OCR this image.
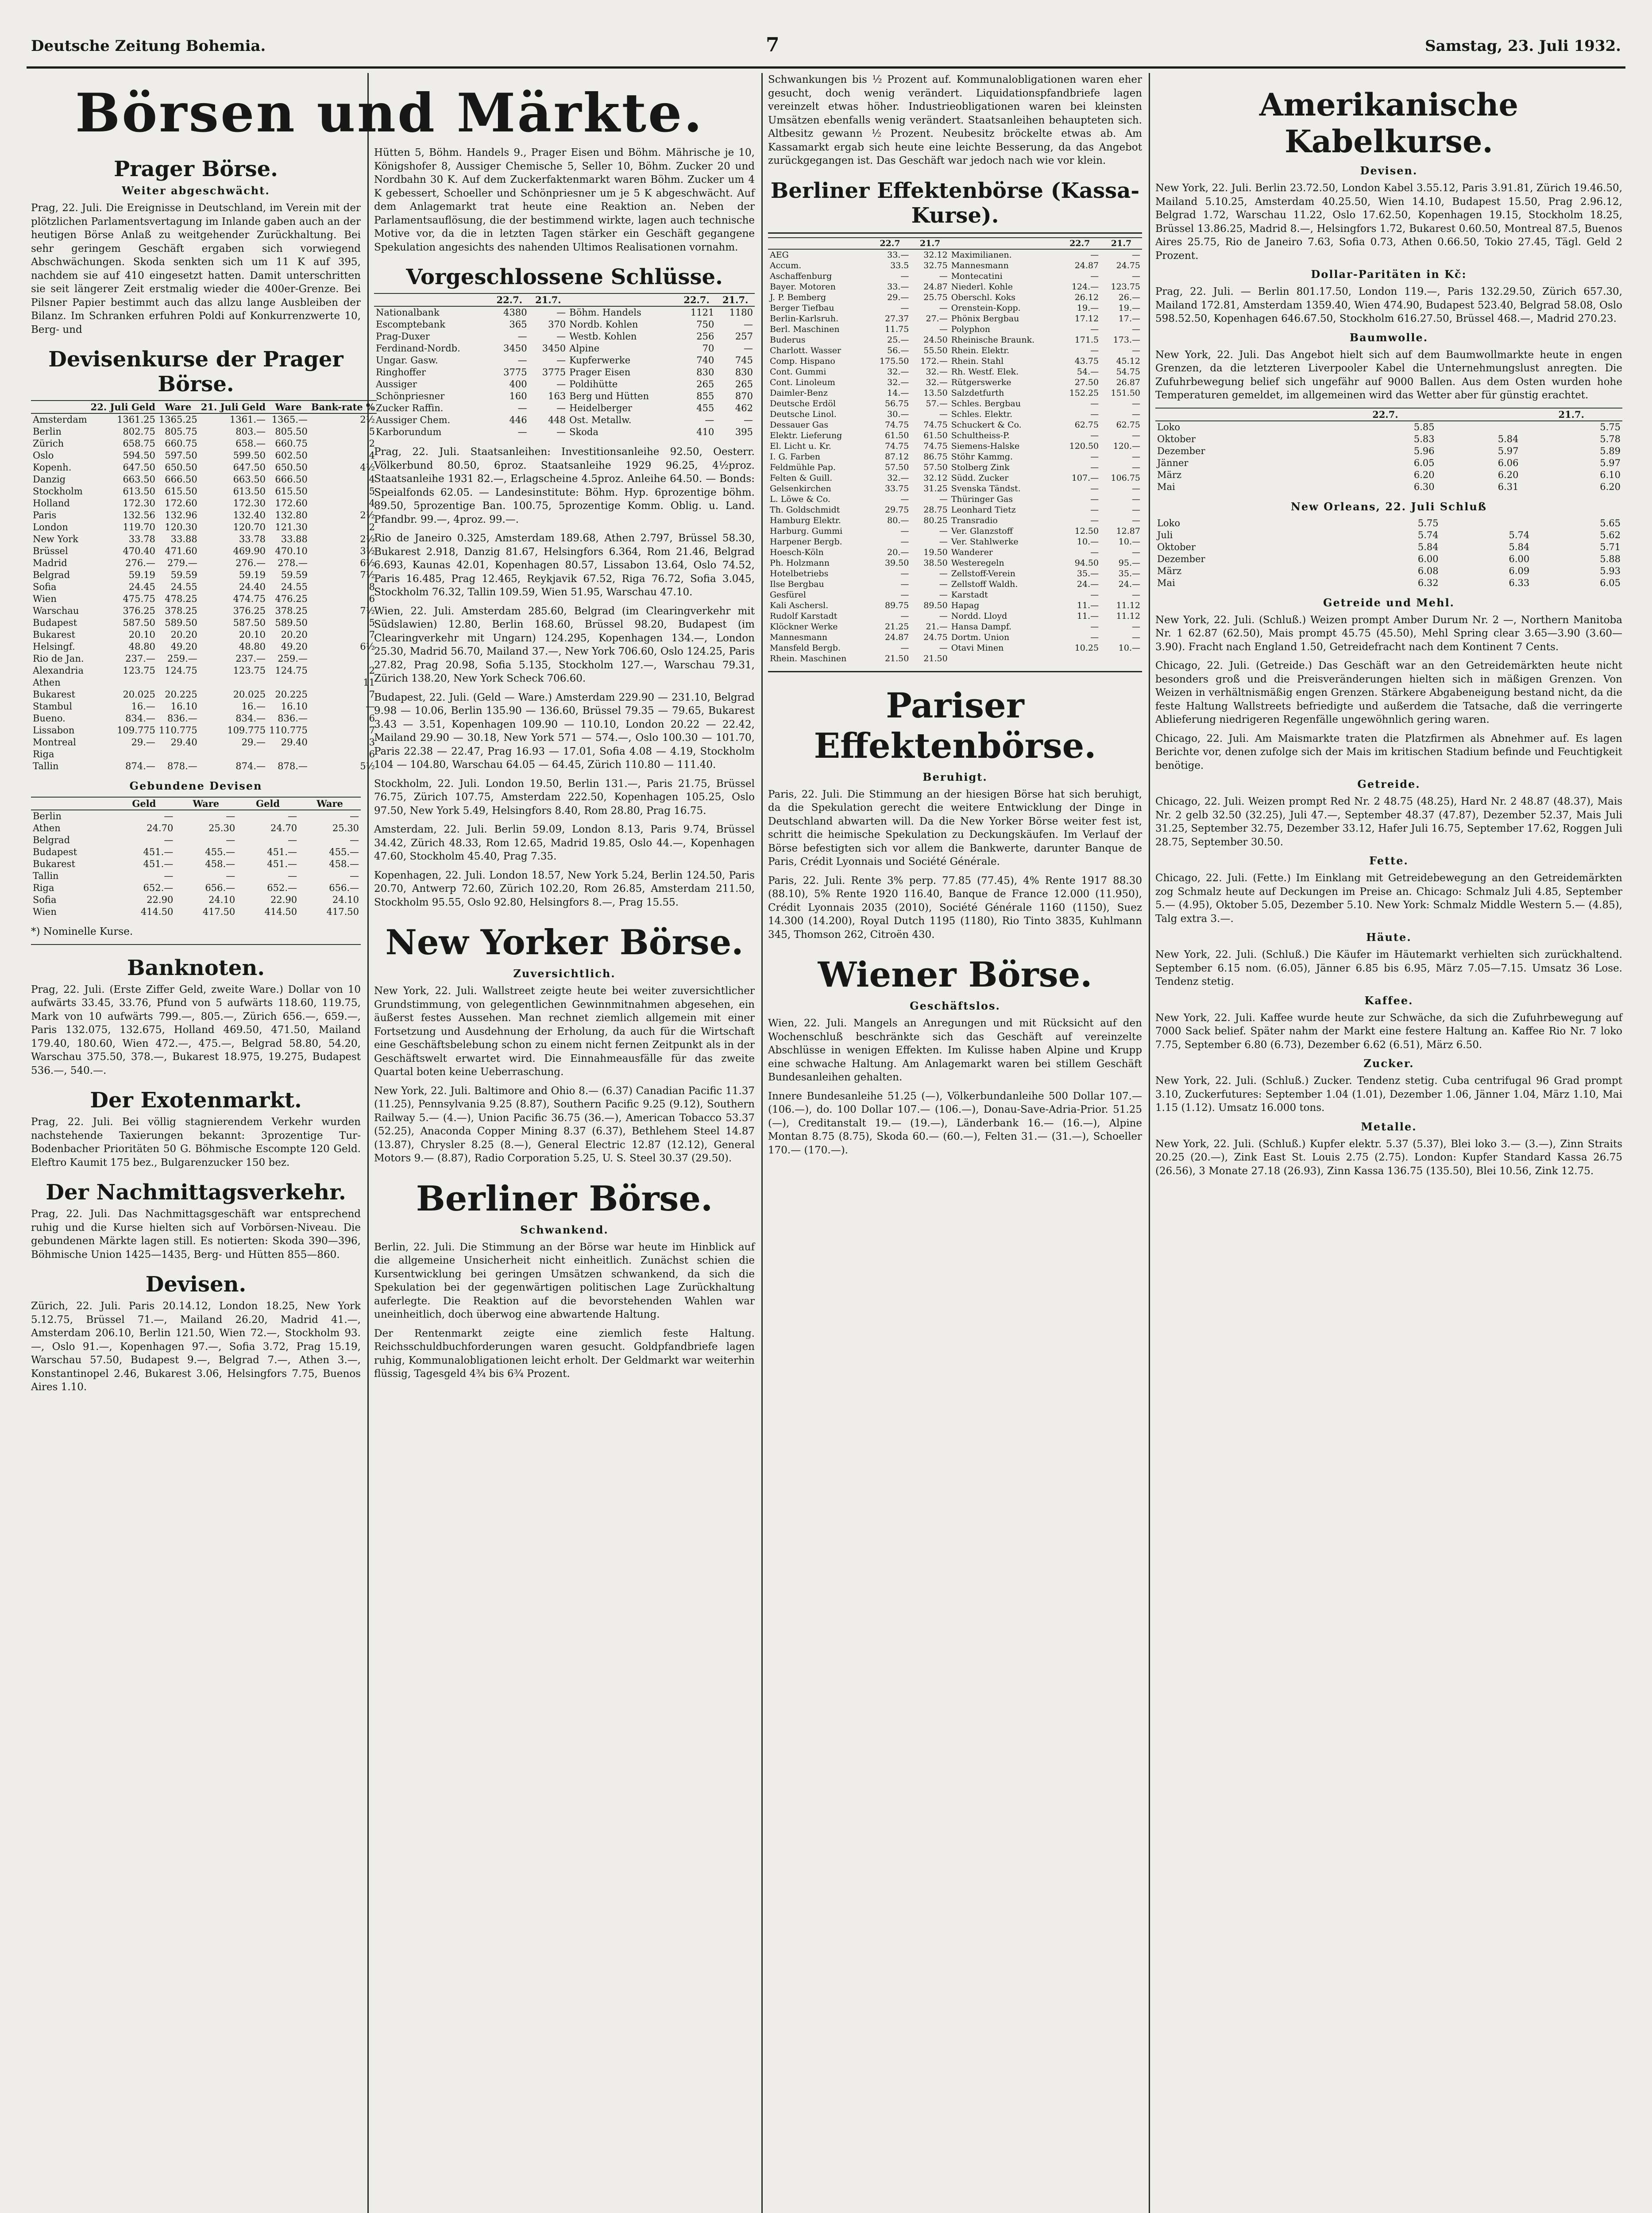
Deutsche Zeitung Bohemia.	7	Samstag, 23. Juli 1932.
Börsen und Märkte.
Prager Börse.
Weiter abgeschwächt.

Prag, 22. Juli. Die Ereignisse in Deutschland, im Verein mit der plötzlichen Parlamentsvertagung im Inlande gaben auch an der heutigen Börse Anlaß zu weitgehender Zurückhaltung. Bei sehr geringem Geschäft ergaben sich vorwiegend Abschwächungen. Skoda senkten sich um 11 K auf 395, nachdem sie auf 410 eingesetzt hatten. Damit unterschritten sie seit längerer Zeit erstmalig wieder die 400er-Grenze. Bei Pilsner Papier bestimmt auch das allzu lange Ausbleiben der Bilanz. Im Schranken erfuhren Poldi auf Konkurrenzwerte 10, Berg- und

Devisenkurse der Prager Börse.
	22. Juli Geld	Ware	21. Juli Geld	Ware	Bank-rate %
Amsterdam	1361.25	1365.25	1361.—	1365.—	2½
Berlin	802.75	805.75	803.—	805.50	5
Zürich	658.75	660.75	658.—	660.75	2
Oslo	594.50	597.50	599.50	602.50	4
Kopenh.	647.50	650.50	647.50	650.50	4½
Danzig	663.50	666.50	663.50	666.50	4
Stockholm	613.50	615.50	613.50	615.50	5
Holland	172.30	172.60	172.30	172.60	4
Paris	132.56	132.96	132.40	132.80	2½
London	119.70	120.30	120.70	121.30	2
New York	33.78	33.88	33.78	33.88	2½
Brüssel	470.40	471.60	469.90	470.10	3½
Madrid	276.—	279.—	276.—	278.—	6½
Belgrad	59.19	59.59	59.19	59.59	7½
Sofia	24.45	24.55	24.40	24.55	8
Wien	475.75	478.25	474.75	476.25	6
Warschau	376.25	378.25	376.25	378.25	7½
Budapest	587.50	589.50	587.50	589.50	5
Bukarest	20.10	20.20	20.10	20.20	7
Helsingf.	48.80	49.20	48.80	49.20	6½
Rio de Jan.	237.—	259.—	237.—	259.—	
Alexandria	123.75	124.75	123.75	124.75	2
Athen					11
Bukarest	20.025	20.225	20.025	20.225	7
Stambul	16.—	16.10	16.—	16.10	—
Bueno.	834.—	836.—	834.—	836.—	6
Lissabon	109.775	110.775	109.775	110.775	7
Montreal	29.—	29.40	29.—	29.40	3
Riga					6
Tallin	874.—	878.—	874.—	878.—	5½
Gebundene Devisen
	Geld	Ware	Geld	Ware
Berlin	—	—	—	—
Athen	24.70	25.30	24.70	25.30
Belgrad	—	—	—	—
Budapest	451.—	455.—	451.—	455.—
Bukarest	451.—	458.—	451.—	458.—
Tallin	—	—	—	—
Riga	652.—	656.—	652.—	656.—
Sofia	22.90	24.10	22.90	24.10
Wien	414.50	417.50	414.50	417.50
*) Nominelle Kurse.
Banknoten.

Prag, 22. Juli. (Erste Ziffer Geld, zweite Ware.) Dollar von 10 aufwärts 33.45, 33.76, Pfund von 5 aufwärts 118.60, 119.75, Mark von 10 aufwärts 799.—, 805.—, Zürich 656.—, 659.—, Paris 132.075, 132.675, Holland 469.50, 471.50, Mailand 179.40, 180.60, Wien 472.—, 475.—, Belgrad 58.80, 54.20, Warschau 375.50, 378.—, Bukarest 18.975, 19.275, Budapest 536.—, 540.—.

Der Exotenmarkt.

Prag, 22. Juli. Bei völlig stagnierendem Verkehr wurden nachstehende Taxierungen bekannt: 3prozentige Tur-Bodenbacher Prioritäten 50 G. Böhmische Escompte 120 Geld. Eleftro Kaumit 175 bez., Bulgarenzucker 150 bez.

Der Nachmittagsverkehr.

Prag, 22. Juli. Das Nachmittagsgeschäft war entsprechend ruhig und die Kurse hielten sich auf Vorbörsen-Niveau. Die gebundenen Märkte lagen still. Es notierten: Skoda 390—396, Böhmische Union 1425—1435, Berg- und Hütten 855—860.

Devisen.

Zürich, 22. Juli. Paris 20.14.12, London 18.25, New York 5.12.75, Brüssel 71.—, Mailand 26.20, Madrid 41.—, Amsterdam 206.10, Berlin 121.50, Wien 72.—, Stockholm 93.—, Oslo 91.—, Kopenhagen 97.—, Sofia 3.72, Prag 15.19, Warschau 57.50, Budapest 9.—, Belgrad 7.—, Athen 3.—, Konstantinopel 2.46, Bukarest 3.06, Helsingfors 7.75, Buenos Aires 1.10.

Hütten 5, Böhm. Handels 9., Prager Eisen und Böhm. Mährische je 10, Königshofer 8, Aussiger Chemische 5, Seller 10, Böhm. Zucker 20 und Nordbahn 30 K. Auf dem Zuckerfaktenmarkt waren Böhm. Zucker um 4 K gebessert, Schoeller und Schönpriesner um je 5 K abgeschwächt. Auf dem Anlagemarkt trat heute eine Reaktion an. Neben der Parlamentsauflösung, die der bestimmend wirkte, lagen auch technische Motive vor, da die in letzten Tagen stärker ein Geschäft gegangene Spekulation angesichts des nahenden Ultimos Realisationen vornahm.

Vorgeschlossene Schlüsse.
	22.7.	21.7.		22.7.	21.7.
Nationalbank	4380	—	Böhm. Handels	1121	1180
Escomptebank	365	370	Nordb. Kohlen	750	—
Prag-Duxer	—	—	Westb. Kohlen	256	257
Ferdinand-Nordb.	3450	3450	Alpine	70	—
Ungar. Gasw.	—	—	Kupferwerke	740	745
Ringhoffer	3775	3775	Prager Eisen	830	830
Aussiger	400	—	Poldihütte	265	265
Schönpriesner	160	163	Berg und Hütten	855	870
Zucker Raffin.	—	—	Heidelberger	455	462
Aussiger Chem.	446	448	Ost. Metallw.	—	—
Karborundum	—	—	Skoda	410	395

Prag, 22. Juli. Staatsanleihen: Investitionsanleihe 92.50, Oesterr. Völkerbund 80.50, 6proz. Staatsanleihe 1929 96.25, 4½proz. Staatsanleihe 1931 82.—, Erlagscheine 4.5proz. Anleihe 64.50. — Bonds: Speialfonds 62.05. — Landesinstitute: Böhm. Hyp. 6prozentige böhm. 89.50, 5prozentige Ban. 100.75, 5prozentige Komm. Oblig. u. Land. Pfandbr. 99.—, 4proz. 99.—.

Rio de Janeiro 0.325, Amsterdam 189.68, Athen 2.797, Brüssel 58.30, Bukarest 2.918, Danzig 81.67, Helsingfors 6.364, Rom 21.46, Belgrad 6.693, Kaunas 42.01, Kopenhagen 80.57, Lissabon 13.64, Oslo 74.52, Paris 16.485, Prag 12.465, Reykjavik 67.52, Riga 76.72, Sofia 3.045, Stockholm 76.32, Tallin 109.59, Wien 51.95, Warschau 47.10.

Wien, 22. Juli. Amsterdam 285.60, Belgrad (im Clearingverkehr mit Südslawien) 12.80, Berlin 168.60, Brüssel 98.20, Budapest (im Clearingverkehr mit Ungarn) 124.295, Kopenhagen 134.—, London 25.30, Madrid 56.70, Mailand 37.—, New York 706.60, Oslo 124.25, Paris 27.82, Prag 20.98, Sofia 5.135, Stockholm 127.—, Warschau 79.31, Zürich 138.20, New York Scheck 706.60.

Budapest, 22. Juli. (Geld — Ware.) Amsterdam 229.90 — 231.10, Belgrad 9.98 — 10.06, Berlin 135.90 — 136.60, Brüssel 79.35 — 79.65, Bukarest 3.43 — 3.51, Kopenhagen 109.90 — 110.10, London 20.22 — 22.42, Mailand 29.90 — 30.18, New York 571 — 574.—, Oslo 100.30 — 101.70, Paris 22.38 — 22.47, Prag 16.93 — 17.01, Sofia 4.08 — 4.19, Stockholm 104 — 104.80, Warschau 64.05 — 64.45, Zürich 110.80 — 111.40.

Stockholm, 22. Juli. London 19.50, Berlin 131.—, Paris 21.75, Brüssel 76.75, Zürich 107.75, Amsterdam 222.50, Kopenhagen 105.25, Oslo 97.50, New York 5.49, Helsingfors 8.40, Rom 28.80, Prag 16.75.

Amsterdam, 22. Juli. Berlin 59.09, London 8.13, Paris 9.74, Brüssel 34.42, Zürich 48.33, Rom 12.65, Madrid 19.85, Oslo 44.—, Kopenhagen 47.60, Stockholm 45.40, Prag 7.35.

Kopenhagen, 22. Juli. London 18.57, New York 5.24, Berlin 124.50, Paris 20.70, Antwerp 72.60, Zürich 102.20, Rom 26.85, Amsterdam 211.50, Stockholm 95.55, Oslo 92.80, Helsingfors 8.—, Prag 15.55.

New Yorker Börse.
Zuversichtlich.

New York, 22. Juli. Wallstreet zeigte heute bei weiter zuversichtlicher Grundstimmung, von gelegentlichen Gewinnmitnahmen abgesehen, ein äußerst festes Aussehen. Man rechnet ziemlich allgemein mit einer Fortsetzung und Ausdehnung der Erholung, da auch für die Wirtschaft eine Geschäftsbelebung schon zu einem nicht fernen Zeitpunkt als in der Geschäftswelt erwartet wird. Die Einnahmeausfälle für das zweite Quartal boten keine Ueberraschung.

New York, 22. Juli. Baltimore and Ohio 8.— (6.37) Canadian Pacific 11.37 (11.25), Pennsylvania 9.25 (8.87), Southern Pacific 9.25 (9.12), Southern Railway 5.— (4.—), Union Pacific 36.75 (36.—), American Tobacco 53.37 (52.25), Anaconda Copper Mining 8.37 (6.37), Bethlehem Steel 14.87 (13.87), Chrysler 8.25 (8.—), General Electric 12.87 (12.12), General Motors 9.— (8.87), Radio Corporation 5.25, U. S. Steel 30.37 (29.50).

Berliner Börse.
Schwankend.

Berlin, 22. Juli. Die Stimmung an der Börse war heute im Hinblick auf die allgemeine Unsicherheit nicht einheitlich. Zunächst schien die Kursentwicklung bei geringen Umsätzen schwankend, da sich die Spekulation bei der gegenwärtigen politischen Lage Zurückhaltung auferlegte. Die Reaktion auf die bevorstehenden Wahlen war uneinheitlich, doch überwog eine abwartende Haltung.

Der Rentenmarkt zeigte eine ziemlich feste Haltung. Reichsschuldbuchforderungen waren gesucht. Goldpfandbriefe lagen ruhig, Kommunalobligationen leicht erholt. Der Geldmarkt war weiterhin flüssig, Tagesgeld 4¾ bis 6¾ Prozent.

Schwankungen bis ½ Prozent auf. Kommunalobligationen waren eher gesucht, doch wenig verändert. Liquidationspfandbriefe lagen vereinzelt etwas höher. Industrieobligationen waren bei kleinsten Umsätzen ebenfalls wenig verändert. Staatsanleihen behaupteten sich. Altbesitz gewann ½ Prozent. Neubesitz bröckelte etwas ab. Am Kassamarkt ergab sich heute eine leichte Besserung, da das Angebot zurückgegangen ist. Das Geschäft war jedoch nach wie vor klein.

Berliner Effektenbörse (Kassa-Kurse).
	22.7	21.7		22.7	21.7
AEG	33.—	32.12	Maximilianen.	—	—
Accum.	33.5	32.75	Mannesmann	24.87	24.75
Aschaffenburg	—	—	Montecatini	—	—
Bayer. Motoren	33.—	24.87	Niederl. Kohle	124.—	123.75
J. P. Bemberg	29.—	25.75	Oberschl. Koks	26.12	26.—
Berger Tiefbau	—	—	Orenstein-Kopp.	19.—	19.—
Berlin-Karlsruh.	27.37	27.—	Phönix Bergbau	17.12	17.—
Berl. Maschinen	11.75	—	Polyphon	—	—
Buderus	25.—	24.50	Rheinische Braunk.	171.5	173.—
Charlott. Wasser	56.—	55.50	Rhein. Elektr.	—	—
Comp. Hispano	175.50	172.—	Rhein. Stahl	43.75	45.12
Cont. Gummi	32.—	32.—	Rh. Westf. Elek.	54.—	54.75
Cont. Linoleum	32.—	32.—	Rütgerswerke	27.50	26.87
Daimler-Benz	14.—	13.50	Salzdetfurth	152.25	151.50
Deutsche Erdöl	56.75	57.—	Schles. Bergbau	—	—
Deutsche Linol.	30.—	—	Schles. Elektr.	—	—
Dessauer Gas	74.75	74.75	Schuckert & Co.	62.75	62.75
Elektr. Lieferung	61.50	61.50	Schultheiss-P.	—	—
El. Licht u. Kr.	74.75	74.75	Siemens-Halske	120.50	120.—
I. G. Farben	87.12	86.75	Stöhr Kammg.	—	—
Feldmühle Pap.	57.50	57.50	Stolberg Zink	—	—
Felten & Guill.	32.—	32.12	Südd. Zucker	107.—	106.75
Gelsenkirchen	33.75	31.25	Svenska Tändst.	—	—
L. Löwe & Co.	—	—	Thüringer Gas	—	—
Th. Goldschmidt	29.75	28.75	Leonhard Tietz	—	—
Hamburg Elektr.	80.—	80.25	Transradio	—	—
Harburg. Gummi	—	—	Ver. Glanzstoff	12.50	12.87
Harpener Bergb.	—	—	Ver. Stahlwerke	10.—	10.—
Hoesch-Köln	20.—	19.50	Wanderer	—	—
Ph. Holzmann	39.50	38.50	Westeregeln	94.50	95.—
Hotelbetriebs	—	—	Zellstoff-Verein	35.—	35.—
Ilse Bergbau	—	—	Zellstoff Waldh.	24.—	24.—
Gesfürel	—	—	Karstadt	—	—
Kali Aschersl.	89.75	89.50	Hapag	11.—	11.12
Rudolf Karstadt	—	—	Nordd. Lloyd	11.—	11.12
Klöckner Werke	21.25	21.—	Hansa Dampf.	—	—
Mannesmann	24.87	24.75	Dortm. Union	—	—
Mansfeld Bergb.	—	—	Otavi Minen	10.25	10.—
Rhein. Maschinen	21.50	21.50			
Pariser Effektenbörse.
Beruhigt.

Paris, 22. Juli. Die Stimmung an der hiesigen Börse hat sich beruhigt, da die Spekulation gerecht die weitere Entwicklung der Dinge in Deutschland abwarten will. Da die New Yorker Börse weiter fest ist, schritt die heimische Spekulation zu Deckungskäufen. Im Verlauf der Börse befestigten sich vor allem die Bankwerte, darunter Banque de Paris, Crédit Lyonnais und Société Générale.

Paris, 22. Juli. Rente 3% perp. 77.85 (77.45), 4% Rente 1917 88.30 (88.10), 5% Rente 1920 116.40, Banque de France 12.000 (11.950), Crédit Lyonnais 2035 (2010), Société Générale 1160 (1150), Suez 14.300 (14.200), Royal Dutch 1195 (1180), Rio Tinto 3835, Kuhlmann 345, Thomson 262, Citroën 430.

Wiener Börse.
Geschäftslos.

Wien, 22. Juli. Mangels an Anregungen und mit Rücksicht auf den Wochenschluß beschränkte sich das Geschäft auf vereinzelte Abschlüsse in wenigen Effekten. Im Kulisse haben Alpine und Krupp eine schwache Haltung. Am Anlagemarkt waren bei stillem Geschäft Bundesanleihen gehalten.

Innere Bundesanleihe 51.25 (—), Völkerbundanleihe 500 Dollar 107.— (106.—), do. 100 Dollar 107.— (106.—), Donau-Save-Adria-Prior. 51.25 (—), Creditanstalt 19.— (19.—), Länderbank 16.— (16.—), Alpine Montan 8.75 (8.75), Skoda 60.— (60.—), Felten 31.— (31.—), Schoeller 170.— (170.—).

Amerikanische Kabelkurse.
Devisen.

New York, 22. Juli. Berlin 23.72.50, London Kabel 3.55.12, Paris 3.91.81, Zürich 19.46.50, Mailand 5.10.25, Amsterdam 40.25.50, Wien 14.10, Budapest 15.50, Prag 2.96.12, Belgrad 1.72, Warschau 11.22, Oslo 17.62.50, Kopenhagen 19.15, Stockholm 18.25, Brüssel 13.86.25, Madrid 8.—, Helsingfors 1.72, Bukarest 0.60.50, Montreal 87.5, Buenos Aires 25.75, Rio de Janeiro 7.63, Sofia 0.73, Athen 0.66.50, Tokio 27.45, Tägl. Geld 2 Prozent.

Dollar-Paritäten in Kč:

Prag, 22. Juli. — Berlin 801.17.50, London 119.—, Paris 132.29.50, Zürich 657.30, Mailand 172.81, Amsterdam 1359.40, Wien 474.90, Budapest 523.40, Belgrad 58.08, Oslo 598.52.50, Kopenhagen 646.67.50, Stockholm 616.27.50, Brüssel 468.—, Madrid 270.23.

Baumwolle.

New York, 22. Juli. Das Angebot hielt sich auf dem Baumwollmarkte heute in engen Grenzen, da die letzteren Liverpooler Kabel die Unternehmungslust anregten. Die Zufuhrbewegung belief sich ungefähr auf 9000 Ballen. Aus dem Osten wurden hohe Temperaturen gemeldet, im allgemeinen wird das Wetter aber für günstig erachtet.

	22.7.		21.7.
Loko	5.85		5.75
Oktober	5.83	5.84	5.78
Dezember	5.96	5.97	5.89
Jänner	6.05	6.06	5.97
März	6.20	6.20	6.10
Mai	6.30	6.31	6.20
New Orleans, 22. Juli Schluß
Loko	5.75		5.65
Juli	5.74	5.74	5.62
Oktober	5.84	5.84	5.71
Dezember	6.00	6.00	5.88
März	6.08	6.09	5.93
Mai	6.32	6.33	6.05
Getreide und Mehl.

New York, 22. Juli. (Schluß.) Weizen prompt Amber Durum Nr. 2 —, Northern Manitoba Nr. 1 62.87 (62.50), Mais prompt 45.75 (45.50), Mehl Spring clear 3.65—3.90 (3.60—3.90). Fracht nach England 1.50, Getreidefracht nach dem Kontinent 7 Cents.

Chicago, 22. Juli. (Getreide.) Das Geschäft war an den Getreidemärkten heute nicht besonders groß und die Preisveränderungen hielten sich in mäßigen Grenzen. Von Weizen in verhältnismäßig engen Grenzen. Stärkere Abgabeneigung bestand nicht, da die feste Haltung Wallstreets befriedigte und außerdem die Tatsache, daß die verringerte Ablieferung niedrigeren Regenfälle ungewöhnlich gering waren.

Chicago, 22. Juli. Am Maismarkte traten die Platzfirmen als Abnehmer auf. Es lagen Berichte vor, denen zufolge sich der Mais im kritischen Stadium befinde und Feuchtigkeit benötige.

Getreide.

Chicago, 22. Juli. Weizen prompt Red Nr. 2 48.75 (48.25), Hard Nr. 2 48.87 (48.37), Mais Nr. 2 gelb 32.50 (32.25), Juli 47.—, September 48.37 (47.87), Dezember 52.37, Mais Juli 31.25, September 32.75, Dezember 33.12, Hafer Juli 16.75, September 17.62, Roggen Juli 28.75, September 30.50.

Fette.

Chicago, 22. Juli. (Fette.) Im Einklang mit Getreidebewegung an den Getreidemärkten zog Schmalz heute auf Deckungen im Preise an. Chicago: Schmalz Juli 4.85, September 5.— (4.95), Oktober 5.05, Dezember 5.10. New York: Schmalz Middle Western 5.— (4.85), Talg extra 3.—.

Häute.

New York, 22. Juli. (Schluß.) Die Käufer im Häutemarkt verhielten sich zurückhaltend. September 6.15 nom. (6.05), Jänner 6.85 bis 6.95, März 7.05—7.15. Umsatz 36 Lose. Tendenz stetig.

Kaffee.

New York, 22. Juli. Kaffee wurde heute zur Schwäche, da sich die Zufuhrbewegung auf 7000 Sack belief. Später nahm der Markt eine festere Haltung an. Kaffee Rio Nr. 7 loko 7.75, September 6.80 (6.73), Dezember 6.62 (6.51), März 6.50.

Zucker.

New York, 22. Juli. (Schluß.) Zucker. Tendenz stetig. Cuba centrifugal 96 Grad prompt 3.10, Zuckerfutures: September 1.04 (1.01), Dezember 1.06, Jänner 1.04, März 1.10, Mai 1.15 (1.12). Umsatz 16.000 tons.

Metalle.

New York, 22. Juli. (Schluß.) Kupfer elektr. 5.37 (5.37), Blei loko 3.— (3.—), Zinn Straits 20.25 (20.—), Zink East St. Louis 2.75 (2.75). London: Kupfer Standard Kassa 26.75 (26.56), 3 Monate 27.18 (26.93), Zinn Kassa 136.75 (135.50), Blei 10.56, Zink 12.75.
